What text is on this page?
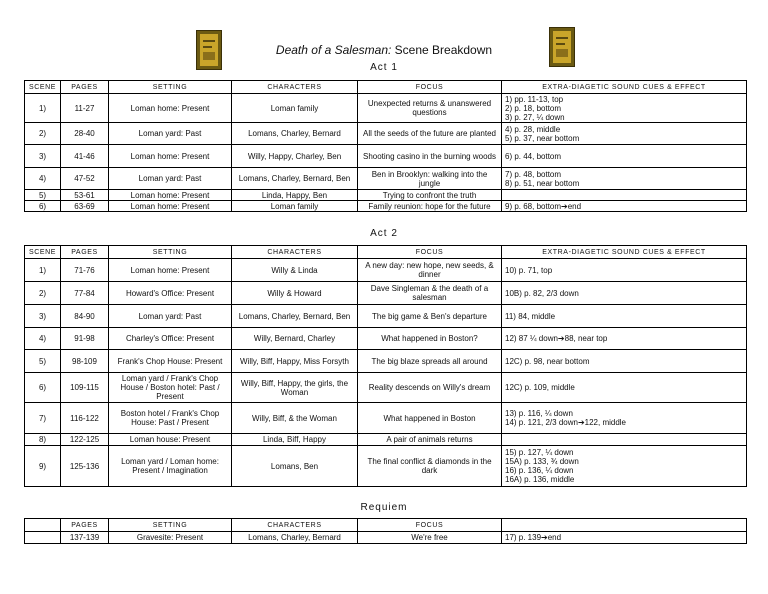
Death of a Salesman: Scene Breakdown
Act 1
SCENE	PAGES	SETTING	CHARACTERS	FOCUS	EXTRA-DIAGETIC SOUND CUES & EFFECT
1)	11-27	Loman home: Present	Loman family	Unexpected returns & unanswered questions	1) pp. 11-13, top
2) p. 18, bottom
3) p. 27, ¼ down

2)	28-40	Loman yard: Past	Lomans, Charley, Bernard	All the seeds of the future are planted	4) p. 28, middle
5) p. 37, near bottom

3)	41-46	Loman home: Present	Willy, Happy, Charley, Ben	Shooting casino in the burning woods	6) p. 44, bottom

4)	47-52	Loman yard: Past	Lomans, Charley, Bernard, Ben	Ben in Brooklyn: walking into the jungle	7) p. 48, bottom
8) p. 51, near bottom

5)	53-61	Loman home: Present	Linda, Happy, Ben	Trying to confront the truth	
6)	63-69	Loman home: Present	Loman family	Family reunion: hope for the future	9) p. 68, bottom➔end
Act 2
SCENE	PAGES	SETTING	CHARACTERS	FOCUS	EXTRA-DIAGETIC SOUND CUES & EFFECT
1)	71-76	Loman home: Present	Willy & Linda	A new day: new hope, new seeds, & dinner	10) p. 71, top

2)	77-84	Howard's Office: Present	Willy & Howard	Dave Singleman & the death of a salesman	10B) p. 82, 2/3 down

3)	84-90	Loman yard: Past	Lomans, Charley, Bernard, Ben	The big game & Ben's departure	11) 84, middle

4)	91-98	Charley's Office: Present	Willy, Bernard, Charley	What happened in Boston?	12) 87 ¼ down➔88, near top

5)	98-109	Frank's Chop House: Present	Willy, Biff, Happy, Miss Forsyth	The big blaze spreads all around	12C) p. 98, near bottom

6)	109-115	Loman yard / Frank's Chop House / Boston hotel: Past / Present	Willy, Biff, Happy, the girls, the Woman	Reality descends on Willy's dream	12C) p. 109, middle

7)	116-122	Boston hotel / Frank's Chop House: Past / Present	Willy, Biff, & the Woman	What happened in Boston	13) p. 116, ¼ down
14) p. 121, 2/3 down➔122, middle

8)	122-125	Loman house: Present	Linda, Biff, Happy	A pair of animals returns	
9)	125-136	Loman yard / Loman home: Present / Imagination	Lomans, Ben	The final conflict & diamonds in the dark	15) p. 127, ¼ down
15A) p. 133, ¾ down
16) p. 136, ¼ down
16A) p. 136, middle
Requiem
	PAGES	SETTING	CHARACTERS	FOCUS	
	137-139	Gravesite: Present	Lomans, Charley, Bernard	We're free	17) p. 139➔end
